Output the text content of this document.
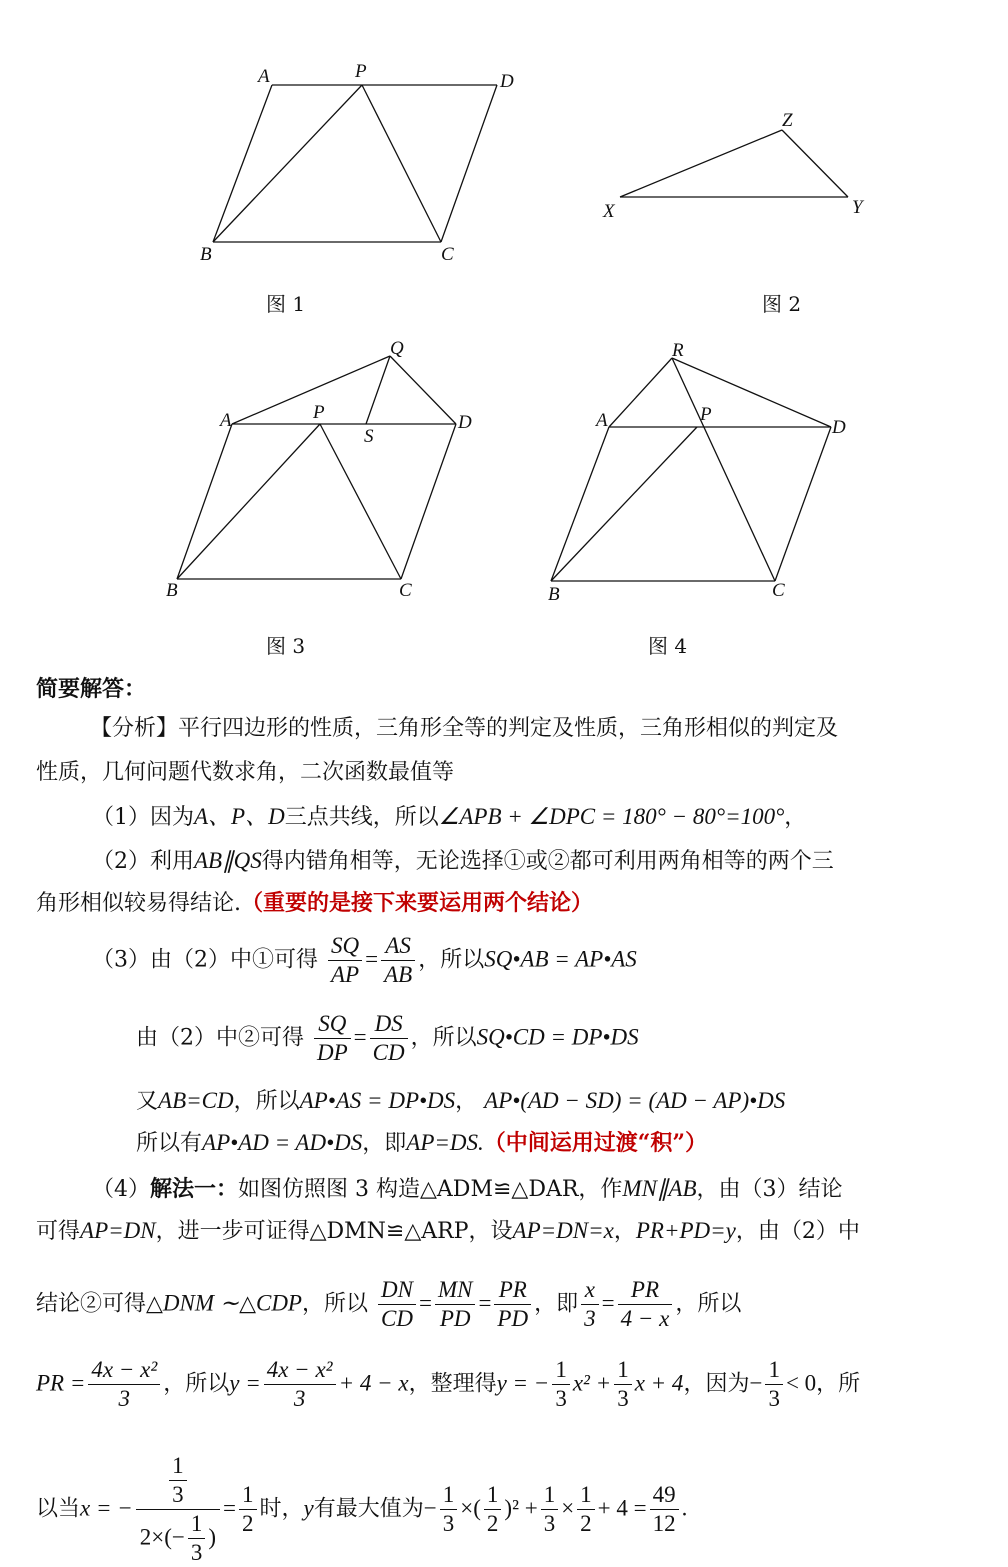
A	P	D
B	C
X	Y
Z
A	P
S
D
Q
B	C
A	P
D
R
B	C
图 1	图 2
图 3	图 4
简要解答：
【分析】平行四边形的性质，三角形全等的判定及性质，三角形相似的判定及
性质，几何问题代数求角，二次函数最值等
（1）因为A、P、D三点共线，所以∠APB + ∠DPC = 180° − 80°=100°，
（2）利用AB∥QS得内错角相等，无论选择①或②都可利用两角相等的两个三
角形相似较易得结论.（重要的是接下来要运用两个结论）
（3）由（2）中①可得 $\frac{SQ}{AP} = \frac{AS}{AB}$ ，所以SQ•AB = AP•AS
由（2）中②可得 $\frac{SQ}{DP} = \frac{DS}{CD}$ ，所以SQ•CD = DP•DS
又AB=CD，所以AP•AS = DP•DS， AP•(AD − SD) = (AD − AP)•DS
所以有AP•AD = AD•DS，即AP=DS.（中间运用过渡“积”）
（4）解法一：如图仿照图 3 构造△ADM≌△DAR，作MN∥AB，由（3）结论
可得AP=DN，进一步可证得△DMN≌△ARP，设AP=DN=x，PR+PD=y，由（2）中
结论②可得△DNM ∼△CDP，所以 $\frac{DN}{CD} = \frac{MN}{PD} = \frac{PR}{PD}$ ，即 $\frac{x}{3} = \frac{PR}{4 - x}$ ，所以
PR = $\frac{\text{4x − x²}}{3}$ ，所以$y = \frac{\text{4x − x²}}{3} + 4 - x$，整理得y = − $\frac{1}{3} x^2 + \frac{1}{3}$ x + 4，因为− $\frac{1}{3} < 0$，所
以当x = − $\frac{\frac{1}{3}}{2\times(- \frac{1}{3} )} = \frac{1}{2}$ 时，y有最大值为− $\frac{1}{3}$ ×( $\frac{1}{2} )^2 + \frac{1}{3} \times \frac{1}{2} + 4 = \frac{49}{12}$ .
